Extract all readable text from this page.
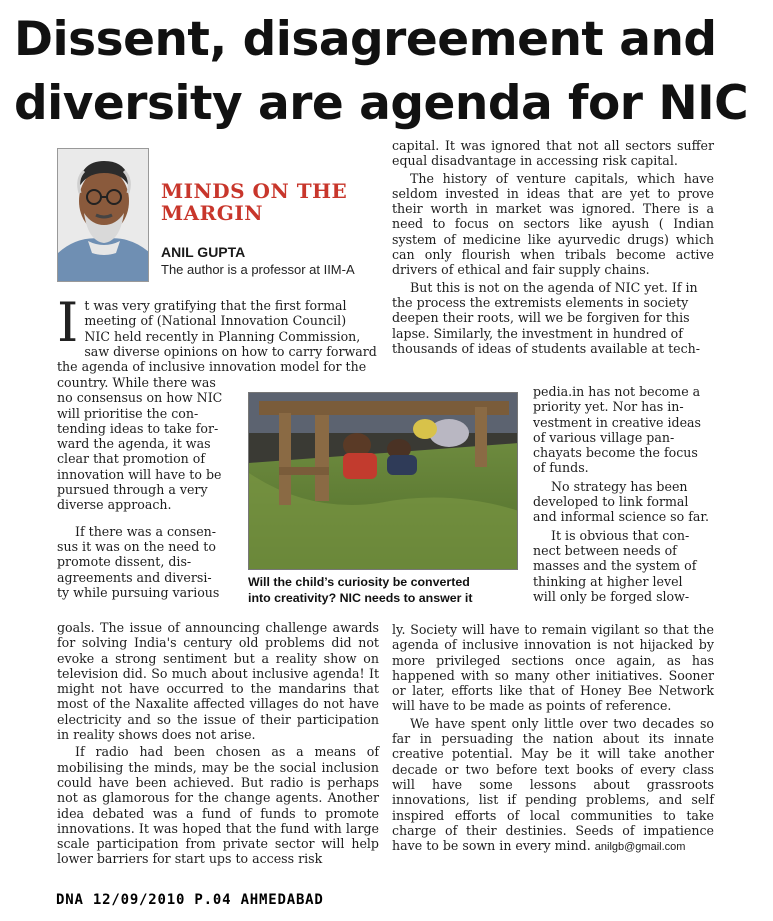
Dissent, disagreement and
diversity are agenda for NIC
MINDS ON THE
MARGIN
ANIL GUPTA
The author is a professor at IIM-A
I t was very gratifying that the first formal
meeting of (National Innovation Council)
NIC held recently in Planning Commission,
saw diverse opinions on how to carry forward
the agenda of inclusive innovation model for the
country. While there was
no consensus on how NIC
will prioritise the con-
tending ideas to take for-
ward the agenda, it was
clear that promotion of
innovation will have to be
pursued through a very
diverse approach.
If there was a consen-
sus it was on the need to
promote dissent, dis-
agreements and diversi-
ty while pursuing various

goals. The issue of announcing challenge awards for solving India's century old problems did not evoke a strong sentiment but a reality show on television did. So much about inclusive agenda! It might not have occurred to the mandarins that most of the Naxalite affected villages do not have electricity and so the issue of their participation in reality shows does not arise.

If radio had been chosen as a means of mobilising the minds, may be the social inclusion could have been achieved. But radio is perhaps not as glamorous for the change agents. Another idea debated was a fund of funds to promote innovations. It was hoped that the fund with large scale participation from private sector will help lower barriers for start ups to access risk

Will the child’s curiosity be converted
into creativity? NIC needs to answer it

capital. It was ignored that not all sectors suffer equal disadvantage in accessing risk capital.

The history of venture capitals, which have seldom invested in ideas that are yet to prove their worth in market was ignored. There is a need to focus on sectors like ayush ( Indian system of medicine like ayurvedic drugs) which can only flourish when tribals become active drivers of ethical and fair supply chains.

But this is not on the agenda of NIC yet. If in
the process the extremists elements in society
deepen their roots, will we be forgiven for this
lapse. Similarly, the investment in hundred of
thousands of ideas of students available at tech-
pedia.in has not become a
priority yet. Nor has in-
vestment in creative ideas
of various village pan-
chayats become the focus
of funds.
No strategy has been
developed to link formal
and informal science so far.
It is obvious that con-
nect between needs of
masses and the system of
thinking at higher level
will only be forged slow-

ly. Society will have to remain vigilant so that the agenda of inclusive innovation is not hijacked by more privileged sections once again, as has happened with so many other initiatives. Sooner or later, efforts like that of Honey Bee Network will have to be made as points of reference.

We have spent only little over two decades so far in persuading the nation about its innate creative potential. May be it will take another decade or two before text books of every class will have some lessons about grassroots innovations, list if pending problems, and self inspired efforts of local communities to take charge of their destinies. Seeds of impatience have to be sown in every mind. anilgb@gmail.com

DNA 12/09/2010 P.04 AHMEDABAD
